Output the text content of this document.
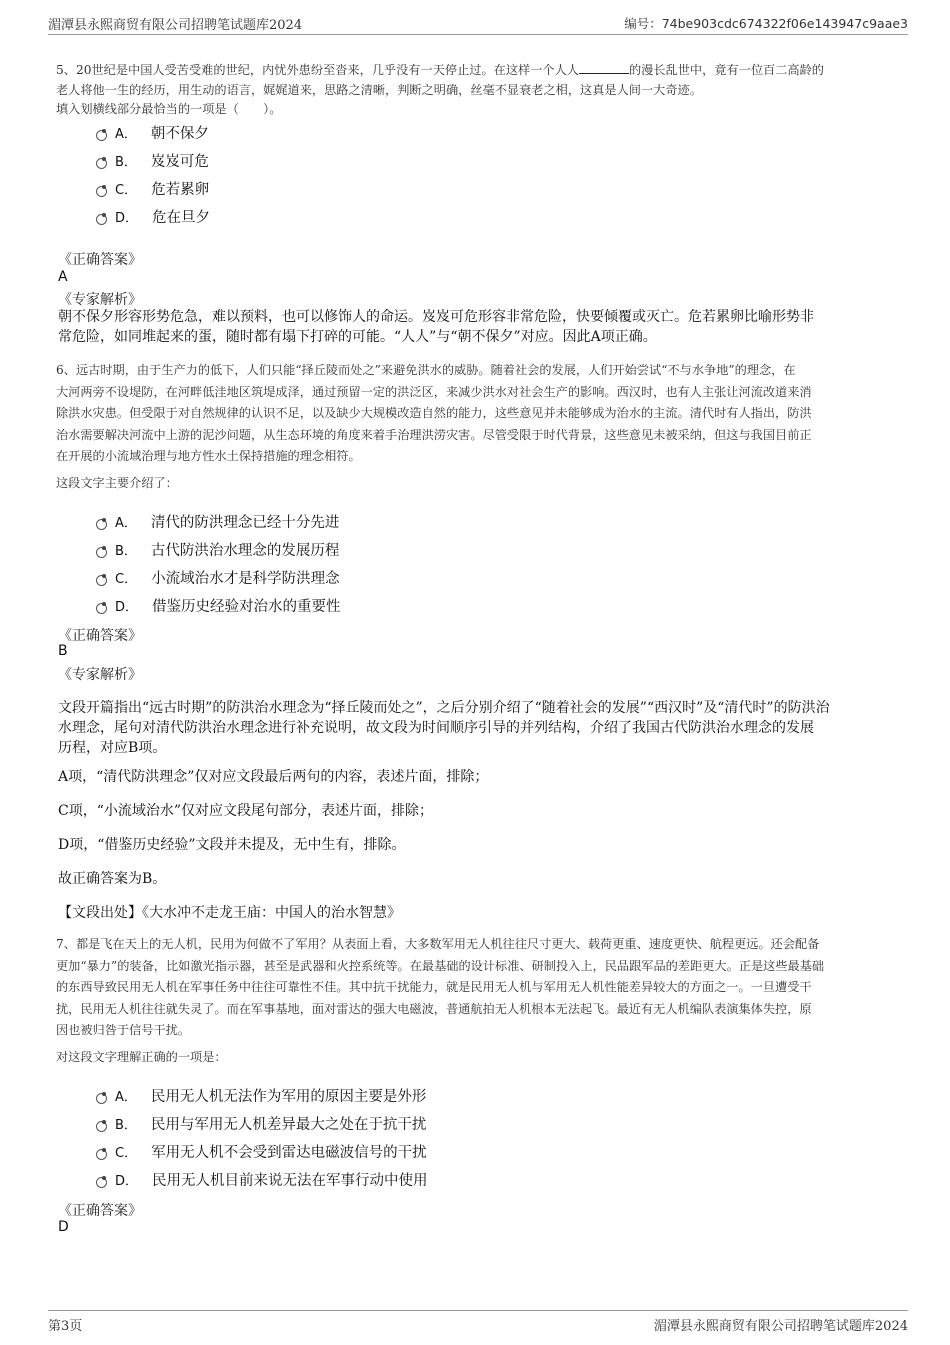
湄潭县永熙商贸有限公司招聘笔试题库2024	编号：74be903cdc674322f06e143947c9aae3
5、20世纪是中国人受苦受难的世纪，内忧外患纷至沓来，几乎没有一天停止过。在这样一个人人	的漫长乱世中，竟有一位百二高龄的
老人将他一生的经历，用生动的语言，娓娓道来，思路之清晰，判断之明确，丝毫不显衰老之相，这真是人间一大奇迹。
填入划横线部分最恰当的一项是（　　）。
A． 朝不保夕
B． 岌岌可危
C． 危若累卵
D． 危在旦夕
《正确答案》
A
《专家解析》
朝不保夕形容形势危急，难以预料，也可以修饰人的命运。岌岌可危形容非常危险，快要倾覆或灭亡。危若累卵比喻形势非
常危险，如同堆起来的蛋，随时都有塌下打碎的可能。“人人”与“朝不保夕”对应。因此A项正确。
6、远古时期，由于生产力的低下，人们只能“择丘陵而处之”来避免洪水的威胁。随着社会的发展，人们开始尝试“不与水争地”的理念，在
大河两旁不设堤防，在河畔低洼地区筑堤成泽，通过预留一定的洪泛区，来减少洪水对社会生产的影响。西汉时，也有人主张让河流改道来消
除洪水灾患。但受限于对自然规律的认识不足，以及缺少大规模改造自然的能力，这些意见并未能够成为治水的主流。清代时有人指出，防洪
治水需要解决河流中上游的泥沙问题，从生态环境的角度来着手治理洪涝灾害。尽管受限于时代背景，这些意见未被采纳，但这与我国目前正
在开展的小流域治理与地方性水土保持措施的理念相符。
这段文字主要介绍了：
A． 清代的防洪理念已经十分先进
B． 古代防洪治水理念的发展历程
C． 小流域治水才是科学防洪理念
D． 借鉴历史经验对治水的重要性
《正确答案》
B
《专家解析》
文段开篇指出“远古时期”的防洪治水理念为“择丘陵而处之”，之后分别介绍了“随着社会的发展”“西汉时”及“清代时”的防洪治
水理念，尾句对清代防洪治水理念进行补充说明，故文段为时间顺序引导的并列结构，介绍了我国古代防洪治水理念的发展
历程，对应B项。
A项，“清代防洪理念”仅对应文段最后两句的内容，表述片面，排除；
C项，“小流域治水”仅对应文段尾句部分，表述片面，排除；
D项，“借鉴历史经验”文段并未提及，无中生有，排除。
故正确答案为B。
【文段出处】《大水冲不走龙王庙：中国人的治水智慧》
7、都是飞在天上的无人机，民用为何做不了军用？从表面上看，大多数军用无人机往往尺寸更大、载荷更重、速度更快、航程更远。还会配备
更加“暴力”的装备，比如激光指示器，甚至是武器和火控系统等。在最基础的设计标准、研制投入上，民品跟军品的差距更大。正是这些最基础
的东西导致民用无人机在军事任务中往往可靠性不佳。其中抗干扰能力，就是民用无人机与军用无人机性能差异较大的方面之一。一旦遭受干
扰，民用无人机往往就失灵了。而在军事基地，面对雷达的强大电磁波，普通航拍无人机根本无法起飞。最近有无人机编队表演集体失控，原
因也被归咎于信号干扰。
对这段文字理解正确的一项是：
A． 民用无人机无法作为军用的原因主要是外形
B． 民用与军用无人机差异最大之处在于抗干扰
C． 军用无人机不会受到雷达电磁波信号的干扰
D． 民用无人机目前来说无法在军事行动中使用
《正确答案》
D
第3页	湄潭县永熙商贸有限公司招聘笔试题库2024
